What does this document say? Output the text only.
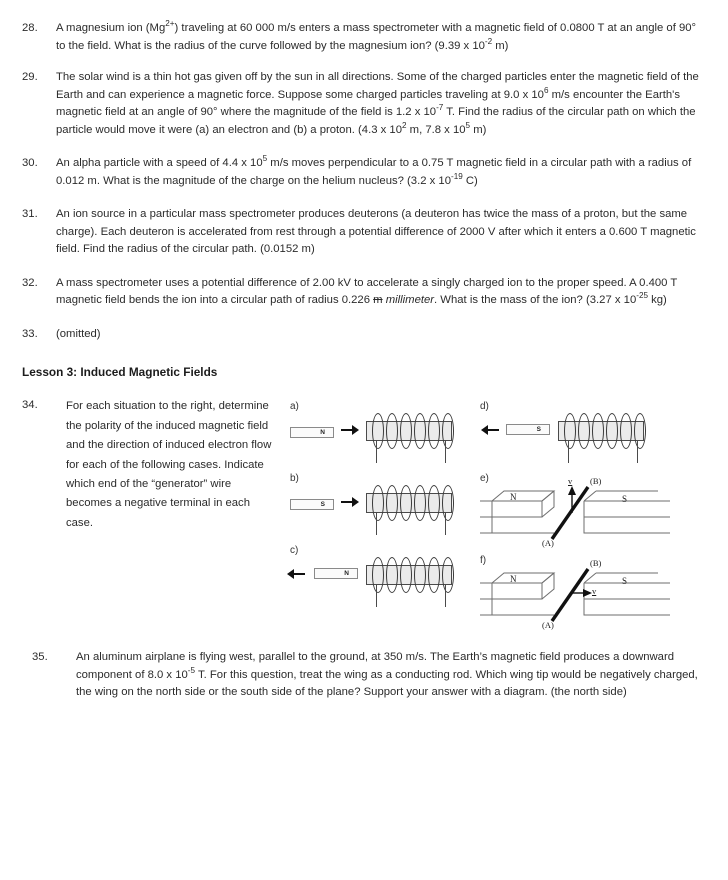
28.	A magnesium ion $(Mg^{2+})$ traveling at 60 000 m/s enters a mass spectrometer with a magnetic field of 0.0800 T at an angle of 90° to the field. What is the radius of the curve followed by the magnesium ion? (9.39 x $10^{-2}$ m)
29.	The solar wind is a thin hot gas given off by the sun in all directions. Some of the charged particles enter the magnetic field of the Earth and can experience a magnetic force. Suppose some charged particles traveling at 9.0 x $10^6$ m/s encounter the Earth's magnetic field at an angle of 90° where the magnitude of the field is 1.2 x $10^{-7}$ T. Find the radius of the circular path on which the particle would move it were (a) an electron and (b) a proton. (4.3 x $10^2$ m, 7.8 x $10^5$ m)
30.	An alpha particle with a speed of 4.4 x $10^5$ m/s moves perpendicular to a 0.75 T magnetic field in a circular path with a radius of 0.012 m. What is the magnitude of the charge on the helium nucleus? (3.2 x $10^{-19}$ C)
31.	An ion source in a particular mass spectrometer produces deuterons (a deuteron has twice the mass of a proton, but the same charge). Each deuteron is accelerated from rest through a potential difference of 2000 V after which it enters a 0.600 T magnetic field. Find the radius of the circular path. (0.0152 m)
32.	A mass spectrometer uses a potential difference of 2.00 kV to accelerate a singly charged ion to the proper speed. A 0.400 T magnetic field bends the ion into a circular path of radius 0.226 m millimeter. What is the mass of the ion? (3.27 x $10^{-25}$ kg)
33.	(omitted)
Lesson 3: Induced Magnetic Fields
34.	For each situation to the right, determine the polarity of the induced magnetic field and the direction of induced electron flow for each of the following cases. Indicate which end of the “generator” wire becomes a negative terminal in each case.
a)
N
b)
S
c)
N
d)
S
e)
N	S
(B)
(A)
v
f)
N	S
(B)
(A)
v
35.	An aluminum airplane is flying west, parallel to the ground, at 350 m/s. The Earth’s magnetic field produces a downward component of 8.0 x $10^{-5}$ T. For this question, treat the wing as a conducting rod. Which wing tip would be negatively charged, the wing on the north side or the south side of the plane? Support your answer with a diagram. (the north side)
